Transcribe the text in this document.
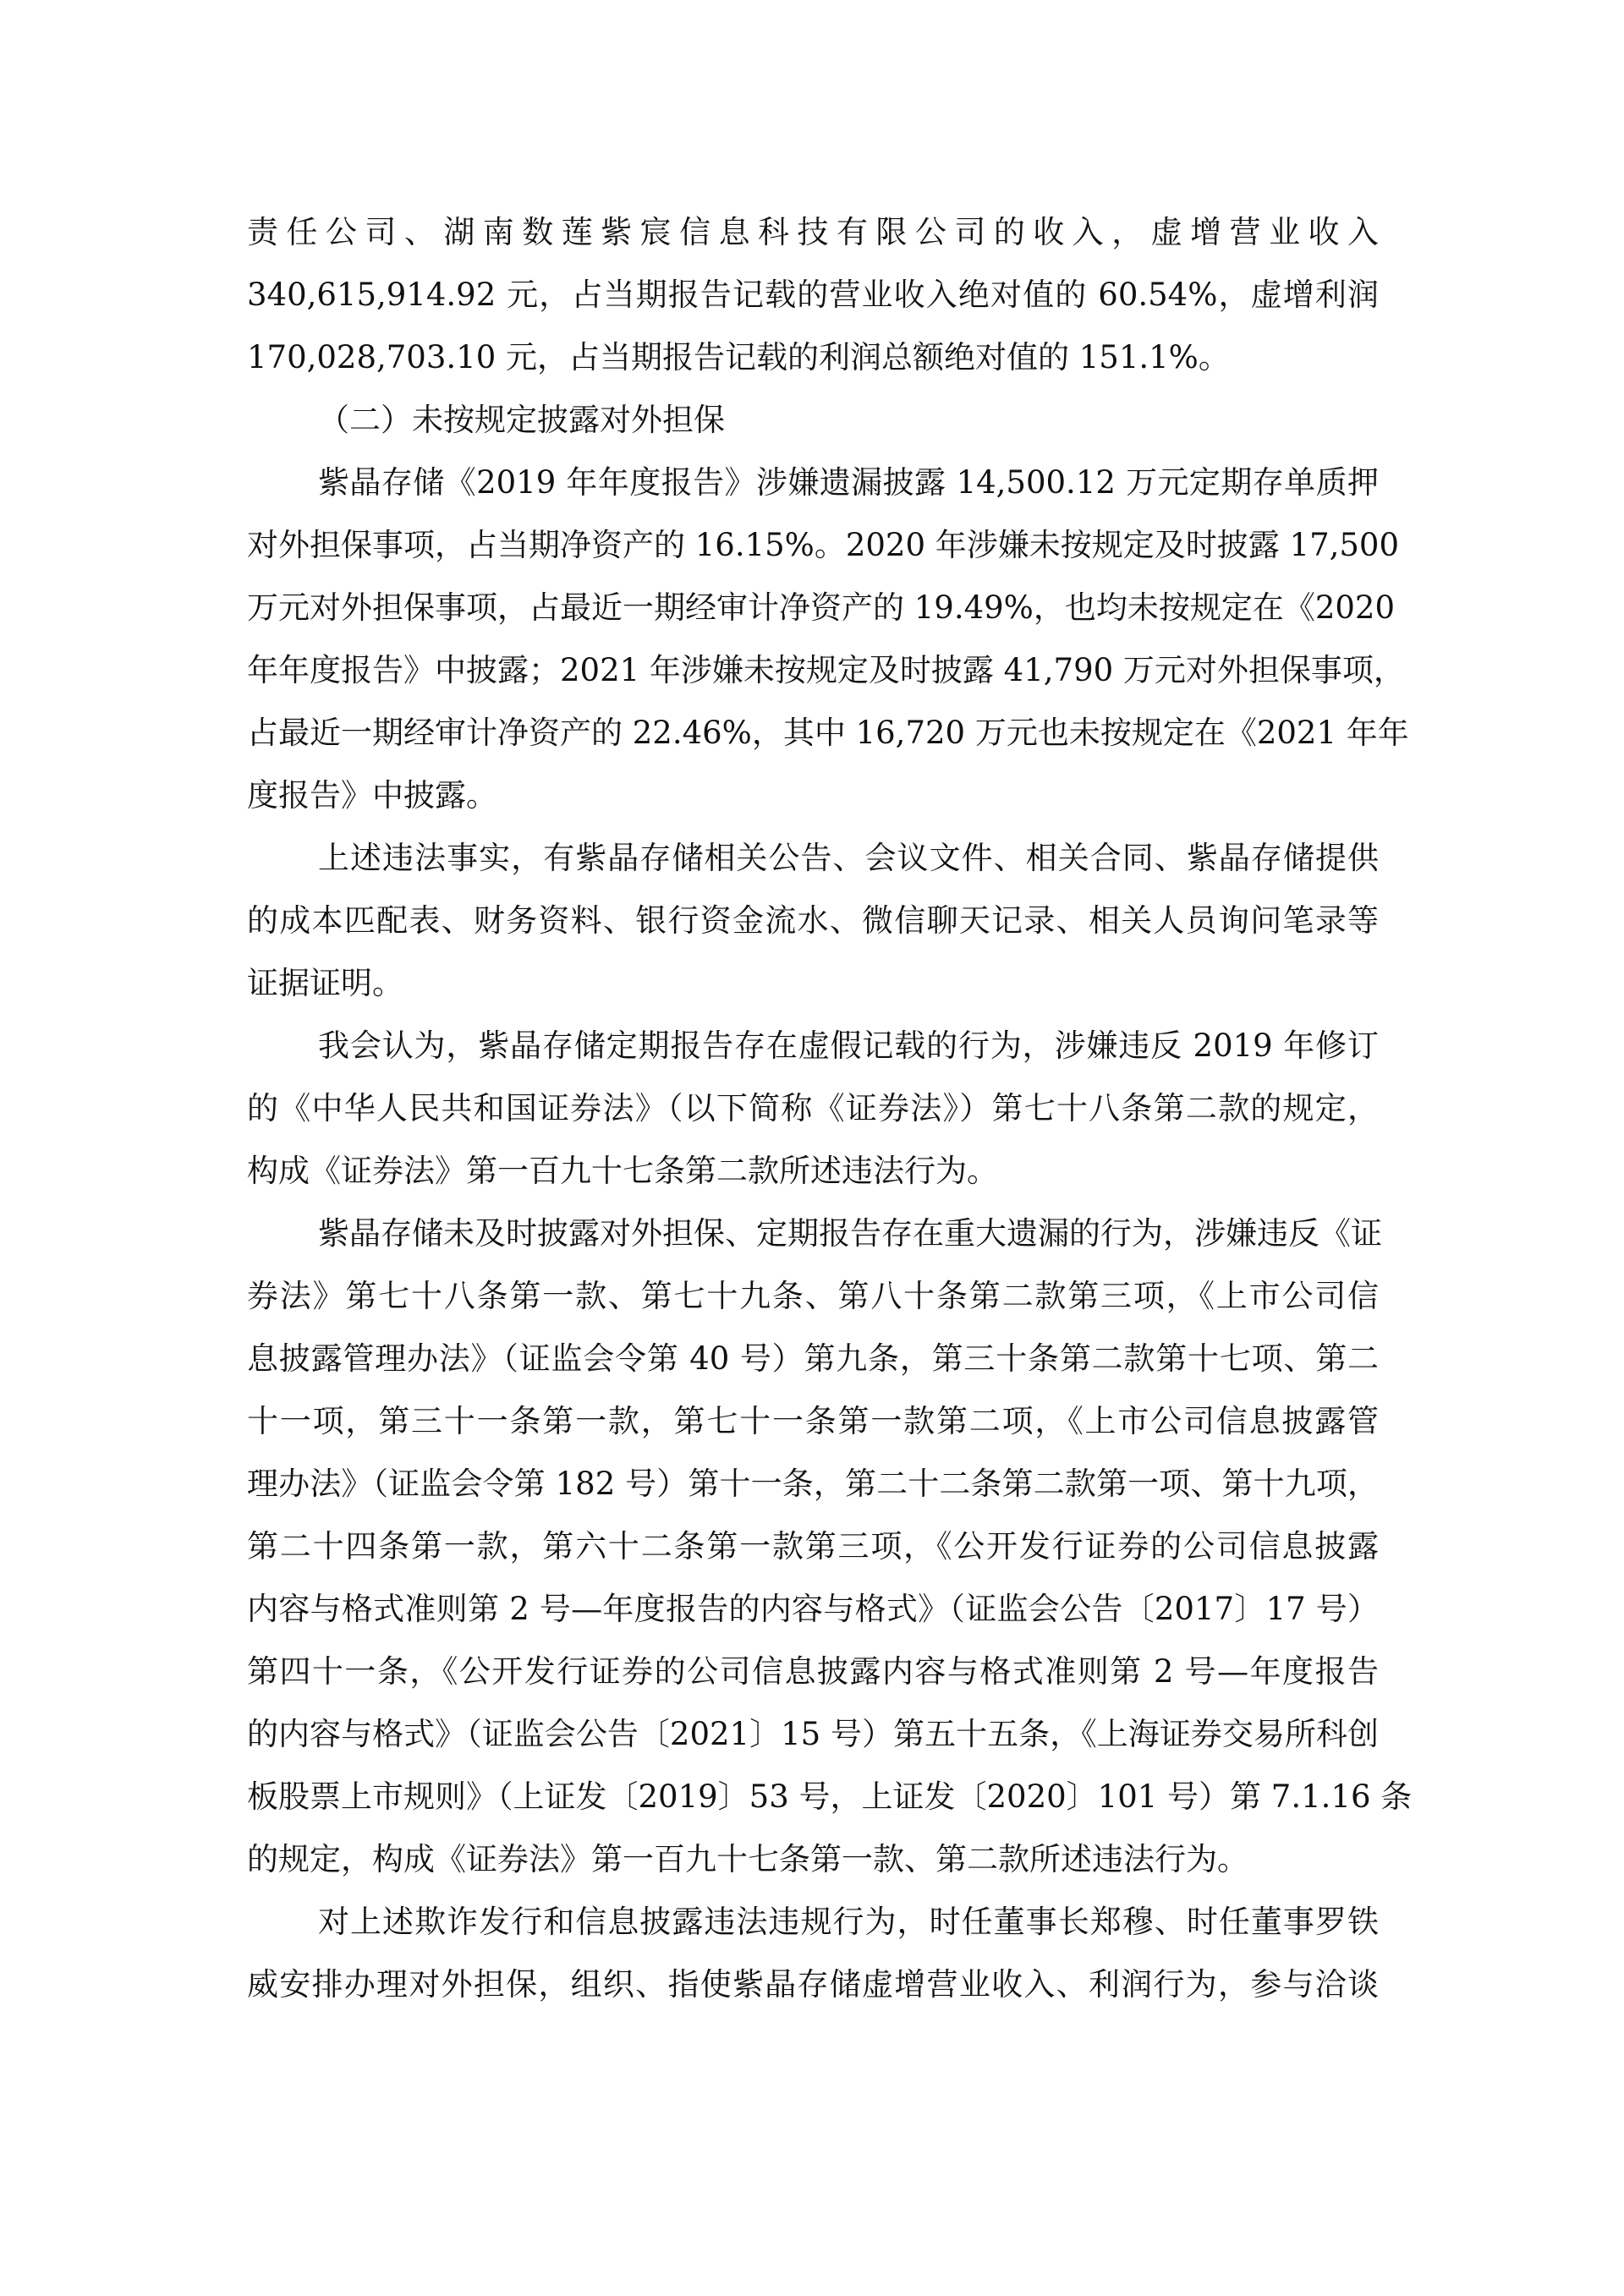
责任公司、湖南数莲紫宸信息科技有限公司的收入，虚增营业收入
340,615,914.92 元，占当期报告记载的营业收入绝对值的 60.54%，虚增利润
170,028,703.10 元，占当期报告记载的利润总额绝对值的 151.1%。
（二）未按规定披露对外担保
紫晶存储《2019 年年度报告》涉嫌遗漏披露 14,500.12 万元定期存单质押
对外担保事项，占当期净资产的 16.15%。2020 年涉嫌未按规定及时披露 17,500
万元对外担保事项，占最近一期经审计净资产的 19.49%，也均未按规定在《2020
年年度报告》中披露；2021 年涉嫌未按规定及时披露 41,790 万元对外担保事项，
占最近一期经审计净资产的 22.46%，其中 16,720 万元也未按规定在《2021 年年
度报告》中披露。
上述违法事实，有紫晶存储相关公告、会议文件、相关合同、紫晶存储提供
的成本匹配表、财务资料、银行资金流水、微信聊天记录、相关人员询问笔录等
证据证明。
我会认为，紫晶存储定期报告存在虚假记载的行为，涉嫌违反 2019 年修订
的《中华人民共和国证券法》（以下简称《证券法》）第七十八条第二款的规定，
构成《证券法》第一百九十七条第二款所述违法行为。
紫晶存储未及时披露对外担保、定期报告存在重大遗漏的行为，涉嫌违反《证
券法》第七十八条第一款、第七十九条、第八十条第二款第三项，《上市公司信
息披露管理办法》（证监会令第 40 号）第九条，第三十条第二款第十七项、第二
十一项，第三十一条第一款，第七十一条第一款第二项，《上市公司信息披露管
理办法》（证监会令第 182 号）第十一条，第二十二条第二款第一项、第十九项，
第二十四条第一款，第六十二条第一款第三项，《公开发行证券的公司信息披露
内容与格式准则第 2 号—年度报告的内容与格式》（证监会公告〔2017〕17 号）
第四十一条，《公开发行证券的公司信息披露内容与格式准则第 2 号—年度报告
的内容与格式》（证监会公告〔2021〕15 号）第五十五条，《上海证券交易所科创
板股票上市规则》（上证发〔2019〕53 号，上证发〔2020〕101 号）第 7.1.16 条
的规定，构成《证券法》第一百九十七条第一款、第二款所述违法行为。
对上述欺诈发行和信息披露违法违规行为，时任董事长郑穆、时任董事罗铁
威安排办理对外担保，组织、指使紫晶存储虚增营业收入、利润行为，参与洽谈
